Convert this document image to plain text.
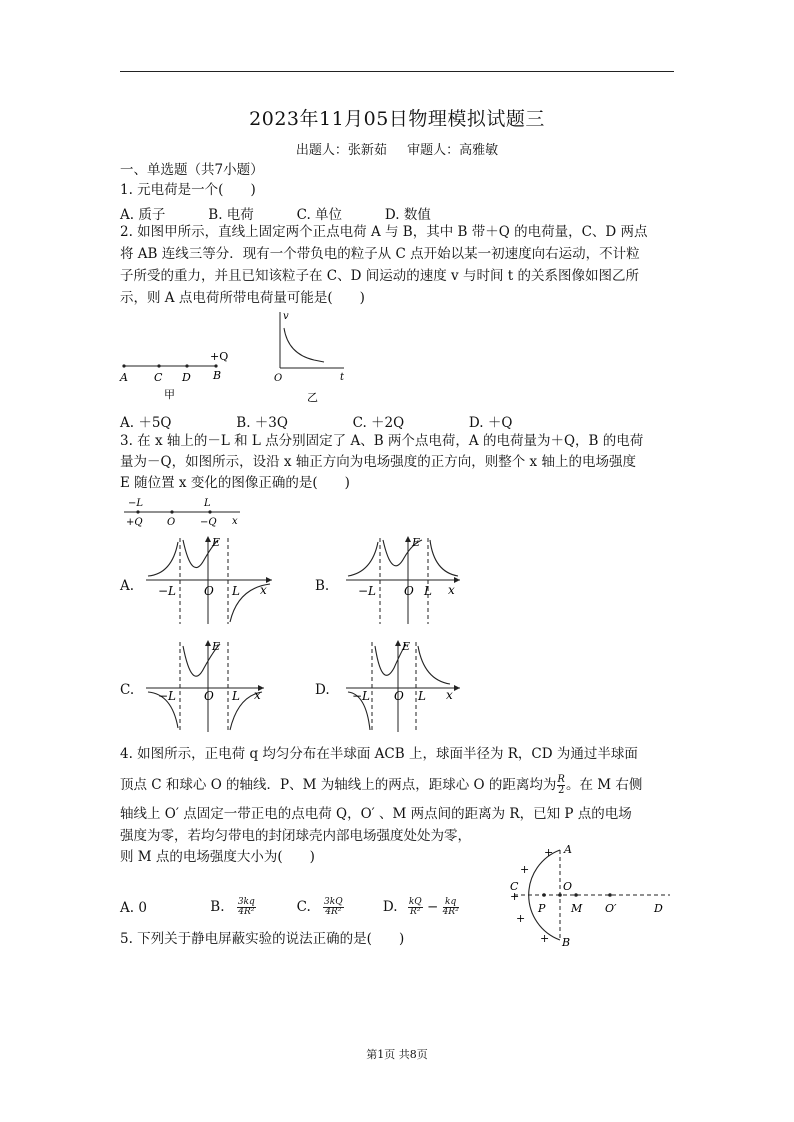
2023年11月05日物理模拟试题三
出题人：张新茹 审题人：高雅敏
一、单选题（共7小题）
1. 元电荷是一个(　　)
A. 质子	B. 电荷	C. 单位	D. 数值
2. 如图甲所示，直线上固定两个正点电荷 A 与 B，其中 B 带＋Q 的电荷量，C、D 两点
将 AB 连线三等分．现有一个带负电的粒子从 C 点开始以某一初速度向右运动，不计粒
子所受的重力，并且已知该粒子在 C、D 间运动的速度 v 与时间 t 的关系图像如图乙所
示，则 A 点电荷所带电荷量可能是(　　)
A C D B
+Q
甲
v
t
O
乙
A. ＋5Q	B. ＋3Q	C. ＋2Q	D. ＋Q
3. 在 x 轴上的－L 和 L 点分别固定了 A、B 两个点电荷，A 的电荷量为＋Q，B 的电荷
量为－Q，如图所示，设沿 x 轴正方向为电场强度的正方向，则整个 x 轴上的电场强度
E 随位置 x 变化的图像正确的是(　　)
−L	L
+Q O −Q x
A.
E
−L O L x	B.
E
−L O L x
C.
E
−L O L x	D.
E
−L O L x
4. 如图所示，正电荷 q 均匀分布在半球面 ACB 上，球面半径为 R，CD 为通过半球面
顶点 C 和球心 O 的轴线．P、M 为轴线上的两点，距球心 O 的距离均为 $\frac{R}{2}$ 。在 M 右侧
轴线上 O′ 点固定一带正电的点电荷 Q，O′ 、M 两点间的距离为 R，已知 P 点的电场
强度为零，若均匀带电的封闭球壳内部电场强度处处为零，
则 M 点的电场强度大小为(　　)
A. 0	B. $\frac{3kq}{\text{4R²}}$	C. $\frac{3kQ}{\text{4R²}}$	D. $\frac{kQ}{\text{R²}} - \frac{kq}{\text{4R²}}$
A
B
C	O
P M O′	D
+
+
+
+
+
5. 下列关于静电屏蔽实验的说法正确的是(　　)
第1页 共8页
